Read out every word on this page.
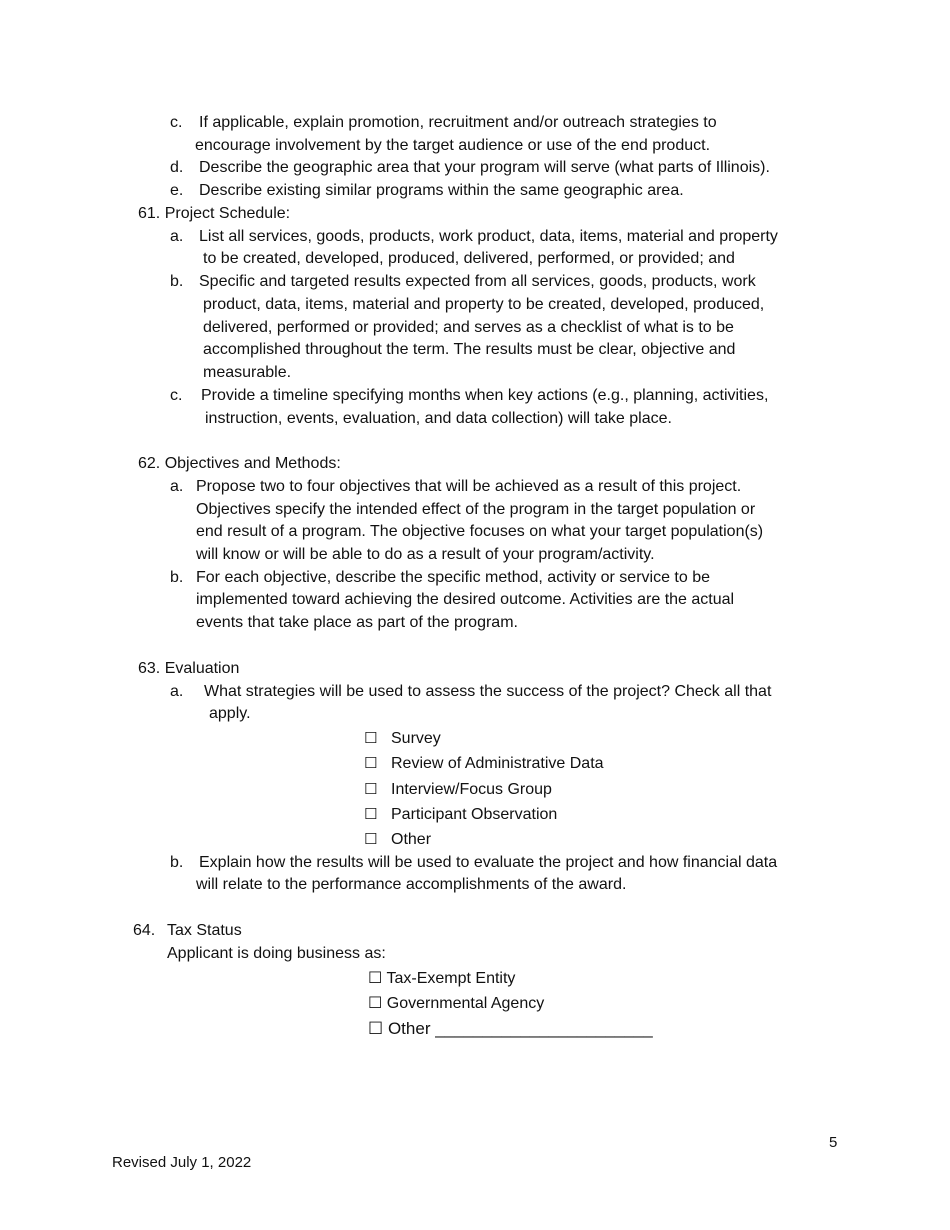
c. If applicable, explain promotion, recruitment and/or outreach strategies to
encourage involvement by the target audience or use of the end product.
d. Describe the geographic area that your program will serve (what parts of Illinois).
e. Describe existing similar programs within the same geographic area.
61. Project Schedule:
a. List all services, goods, products, work product, data, items, material and property
to be created, developed, produced, delivered, performed, or provided; and
b. Specific and targeted results expected from all services, goods, products, work
product, data, items, material and property to be created, developed, produced,
delivered, performed or provided; and serves as a checklist of what is to be
accomplished throughout the term. The results must be clear, objective and
measurable.
c. Provide a timeline specifying months when key actions (e.g., planning, activities,
instruction, events, evaluation, and data collection) will take place.
62. Objectives and Methods:
a. Propose two to four objectives that will be achieved as a result of this project.
Objectives specify the intended effect of the program in the target population or
end result of a program. The objective focuses on what your target population(s)
will know or will be able to do as a result of your program/activity.
b. For each objective, describe the specific method, activity or service to be
implemented toward achieving the desired outcome. Activities are the actual
events that take place as part of the program.
63. Evaluation
a. What strategies will be used to assess the success of the project? Check all that
apply.
☐ Survey
☐ Review of Administrative Data
☐ Interview/Focus Group
☐ Participant Observation
☐ Other
b. Explain how the results will be used to evaluate the project and how financial data
will relate to the performance accomplishments of the award.
64. Tax Status
Applicant is doing business as:
☐ Tax-Exempt Entity
☐ Governmental Agency
☐ Other _______________________
5
Revised July 1, 2022
